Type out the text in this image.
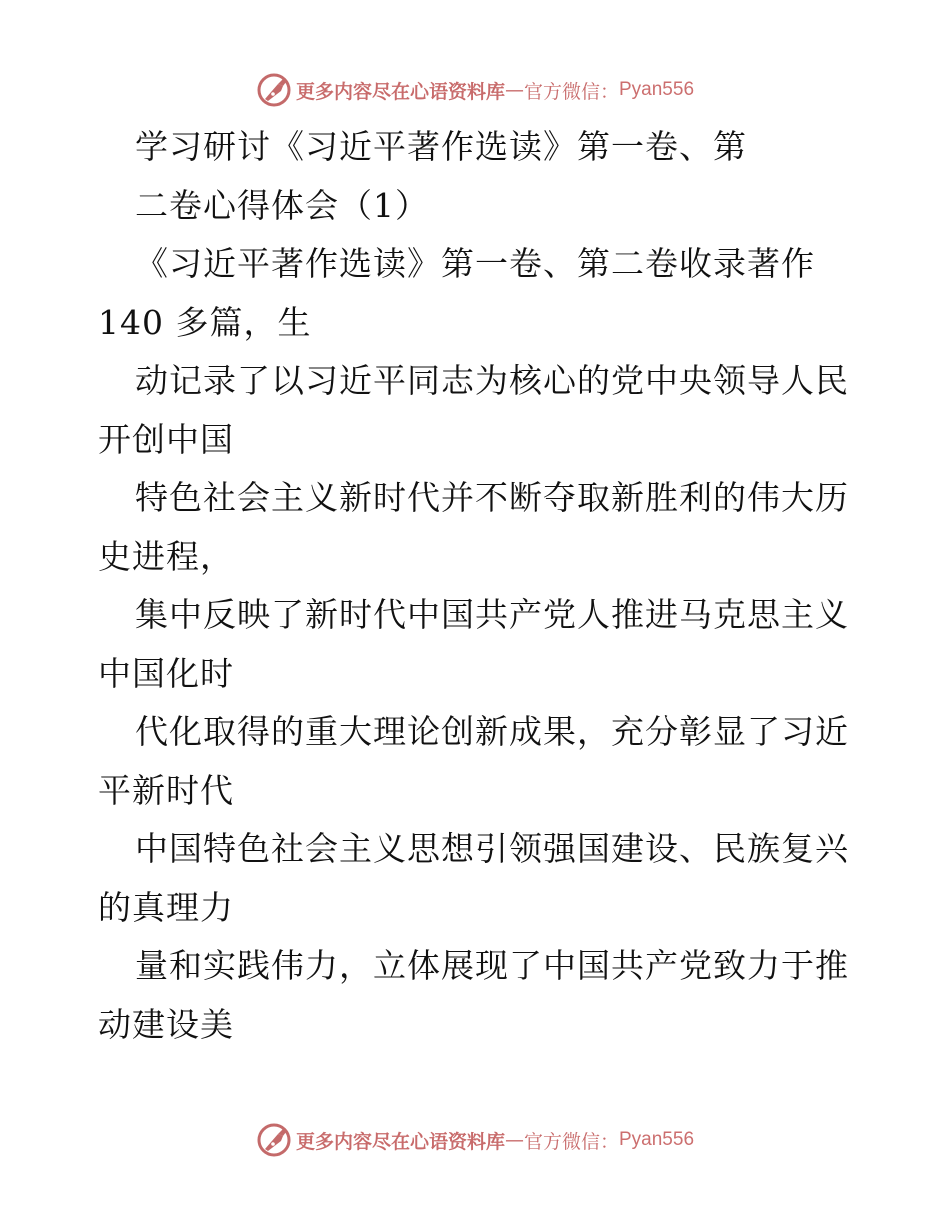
更多内容尽在心语资料库 — 官方微信： Pyan556
学习研讨《习近平著作选读》第一卷、第
二卷心得体会（1）
《习近平著作选读》第一卷、第二卷收录著作
140 多篇，生
动记录了以习近平同志为核心的党中央领导人民
开创中国
特色社会主义新时代并不断夺取新胜利的伟大历
史进程，
集中反映了新时代中国共产党人推进马克思主义
中国化时
代化取得的重大理论创新成果，充分彰显了习近
平新时代
中国特色社会主义思想引领强国建设、民族复兴
的真理力
量和实践伟力，立体展现了中国共产党致力于推
动建设美
更多内容尽在心语资料库 — 官方微信： Pyan556
